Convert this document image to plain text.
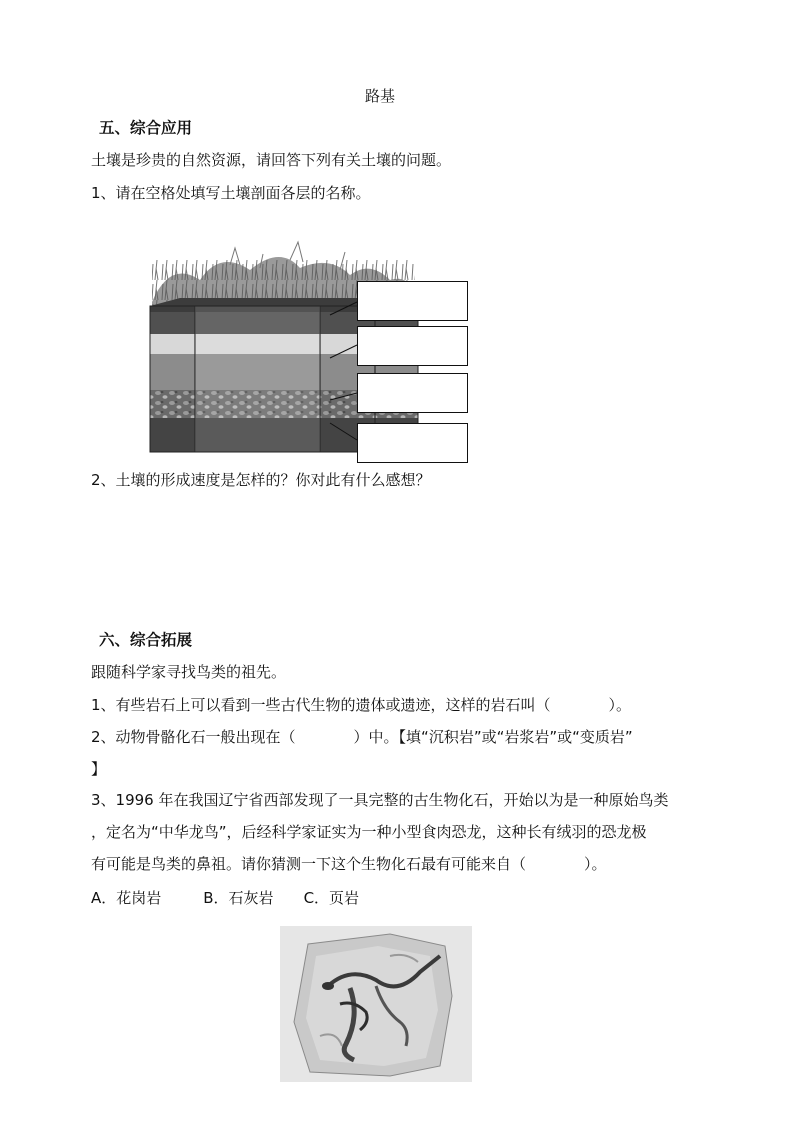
路基
五、综合应用
土壤是珍贵的自然资源，请回答下列有关土壤的问题。
1、请在空格处填写土壤剖面各层的名称。
2、土壤的形成速度是怎样的？你对此有什么感想？
六、综合拓展
跟随科学家寻找鸟类的祖先。
1、有些岩石上可以看到一些古代生物的遗体或遗迹，这样的岩石叫（	）。
2、动物骨骼化石一般出现在（	）中。【填“沉积岩”或“岩浆岩”或“变质岩”
】
3、1996 年在我国辽宁省西部发现了一具完整的古生物化石，开始以为是一种原始鸟类
，定名为“中华龙鸟”，后经科学家证实为一种小型食肉恐龙，这种长有绒羽的恐龙极
有可能是鸟类的鼻祖。请你猜测一下这个生物化石最有可能来自（	）。
A．花岗岩	B．石灰岩 C．页岩
